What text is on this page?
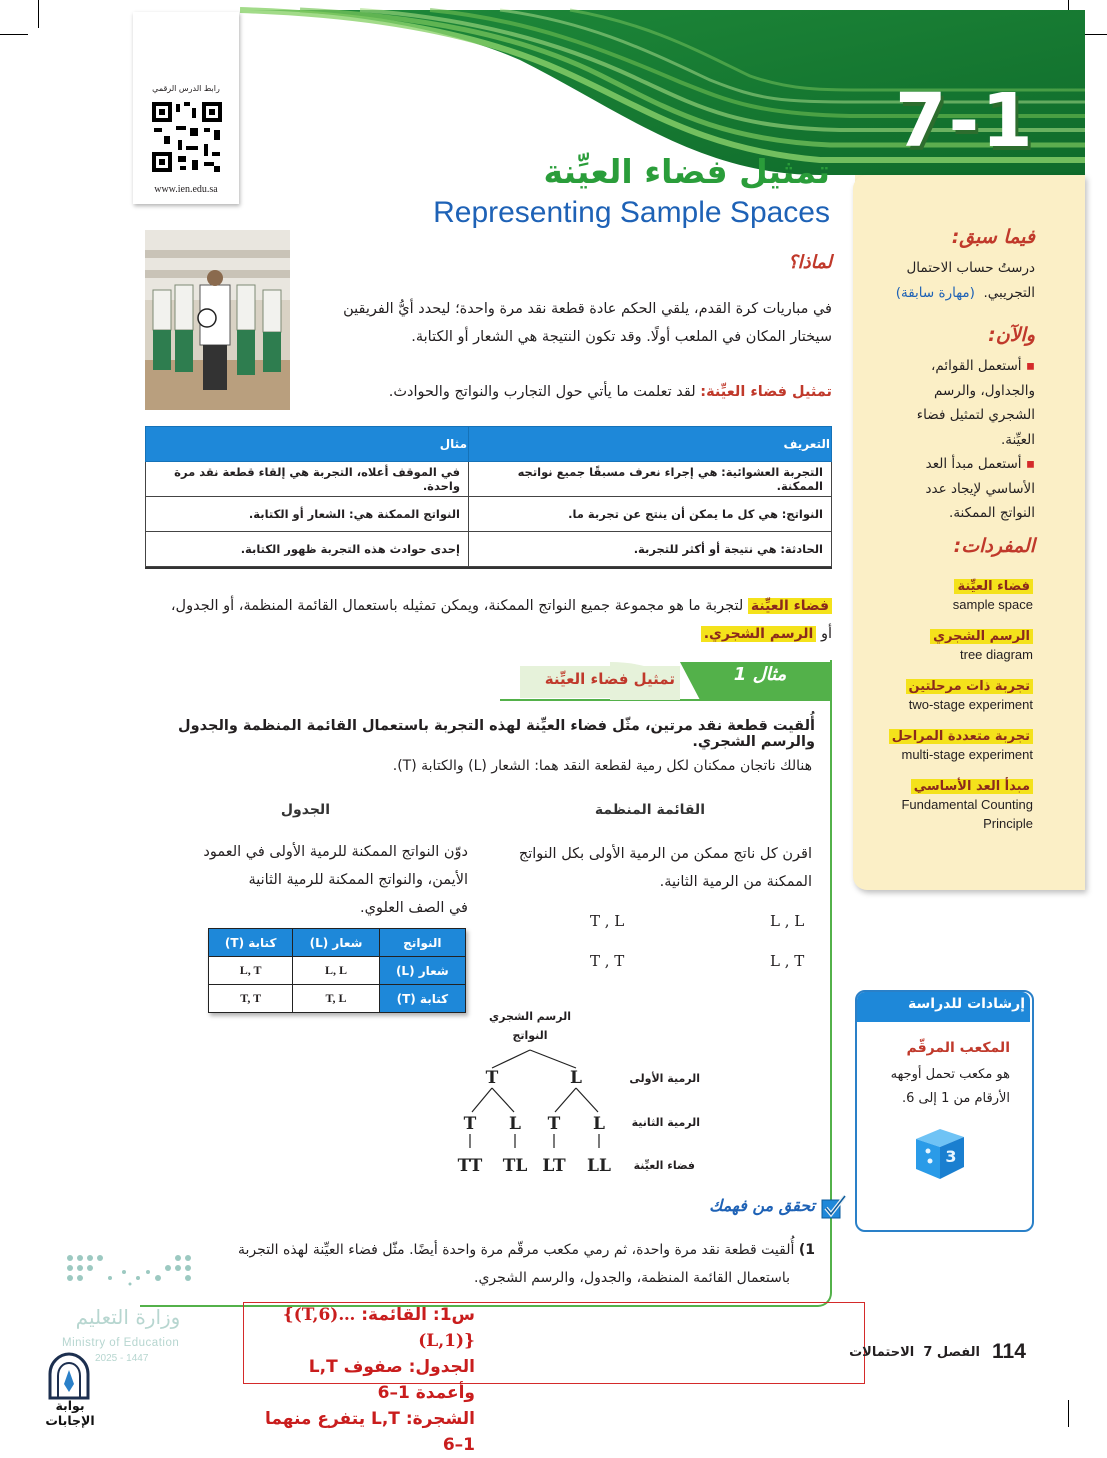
7-1
رابط الدرس الرقمي
www.ien.edu.sa	تمثيل فضاء العيِّنة
Representing Sample Spaces
فيما سبق:
درستُ حساب الاحتمال
التجريبي.  (مهارة سابقة)
والآن:
▪ أستعمل القوائم،
والجداول، والرسم
الشجري لتمثيل فضاء
العيِّنة.
▪ أستعمل مبدأ العد
الأساسي لإيجاد عدد
النواتج الممكنة.
المفردات:
فضاء العيِّنة
sample space
الرسم الشجري
tree diagram
تجربة ذات مرحلتين
two-stage experiment
تجربة متعددة المراحل
multi-stage experiment
مبدأ العد الأساسي
Fundamental Counting
Principle
لماذا؟
في مباريات كرة القدم، يلقي الحكم عادة قطعة نقد مرة واحدة؛ ليحدد أيُّ الفريقين
سيختار المكان في الملعب أولًا. وقد تكون النتيجة هي الشعار أو الكتابة.
تمثيل فضاء العيِّنة: لقد تعلمت ما يأتي حول التجارب والنواتج والحوادث.
التعريف	مثال
التجربة العشوائية: هي إجراء نعرف مسبقًا جميع نواتجه الممكنة.	في الموقف أعلاه، التجربة هي إلقاء قطعة نقد مرة واحدة.
النواتج: هي كل ما يمكن أن ينتج عن تجربة ما.	النواتج الممكنة هي: الشعار أو الكتابة.
الحادثة: هي نتيجة أو أكثر للتجربة.	إحدى حوادث هذه التجربة ظهور الكتابة.
فضاء العيِّنة لتجربة ما هو مجموعة جميع النواتج الممكنة، ويمكن تمثيله باستعمال القائمة المنظمة، أو الجدول،
أو الرسم الشجري.
مثال 1
تمثيل فضاء العيِّنة
أُلقيت قطعة نقد مرتين، مثّل فضاء العيِّنة لهذه التجربة باستعمال القائمة المنظمة والجدول والرسم الشجري.
هنالك ناتجان ممكنان لكل رمية لقطعة النقد هما: الشعار (L) والكتابة (T).
القائمة المنظمة
اقرن كل ناتج ممكن من الرمية الأولى بكل النواتج
الممكنة من الرمية الثانية.
L , L
T , L
L , T
T , T
الجدول
دوّن النواتج الممكنة للرمية الأولى في العمود
الأيمن، والنواتج الممكنة للرمية الثانية
في الصف العلوي.
النواتج	شعار (L)	كتابة (T)
شعار (L)	L, L	L, T
كتابة (T)	T, L	T, T
الرسم الشجري
النواتج
الرمية الأولى
الرمية الثانية
فضاء العيِّنة
T	L
T L T L
TT TL LT LL
تحقق من فهمك
1) أُلقيت قطعة نقد مرة واحدة، ثم رمي مكعب مرقّم مرة واحدة أيضًا. مثّل فضاء العيِّنة لهذه التجربة
باستعمال القائمة المنظمة، والجدول، والرسم الشجري.
إرشادات للدراسة
المكعب المرقّم
هو مكعب تحمل أوجهه
الأرقام من 1 إلى 6.
3
س1: القائمة: {(T,6)…(L,1)}
الجدول: صفوف L,T وأعمدة 1–6
الشجرة: L,T يتفرع منهما 1–6
وزارة التعليم
Ministry of Education
2025 - 1447
بوابة الإجابات
الفصل 7  الاحتمالات	114
